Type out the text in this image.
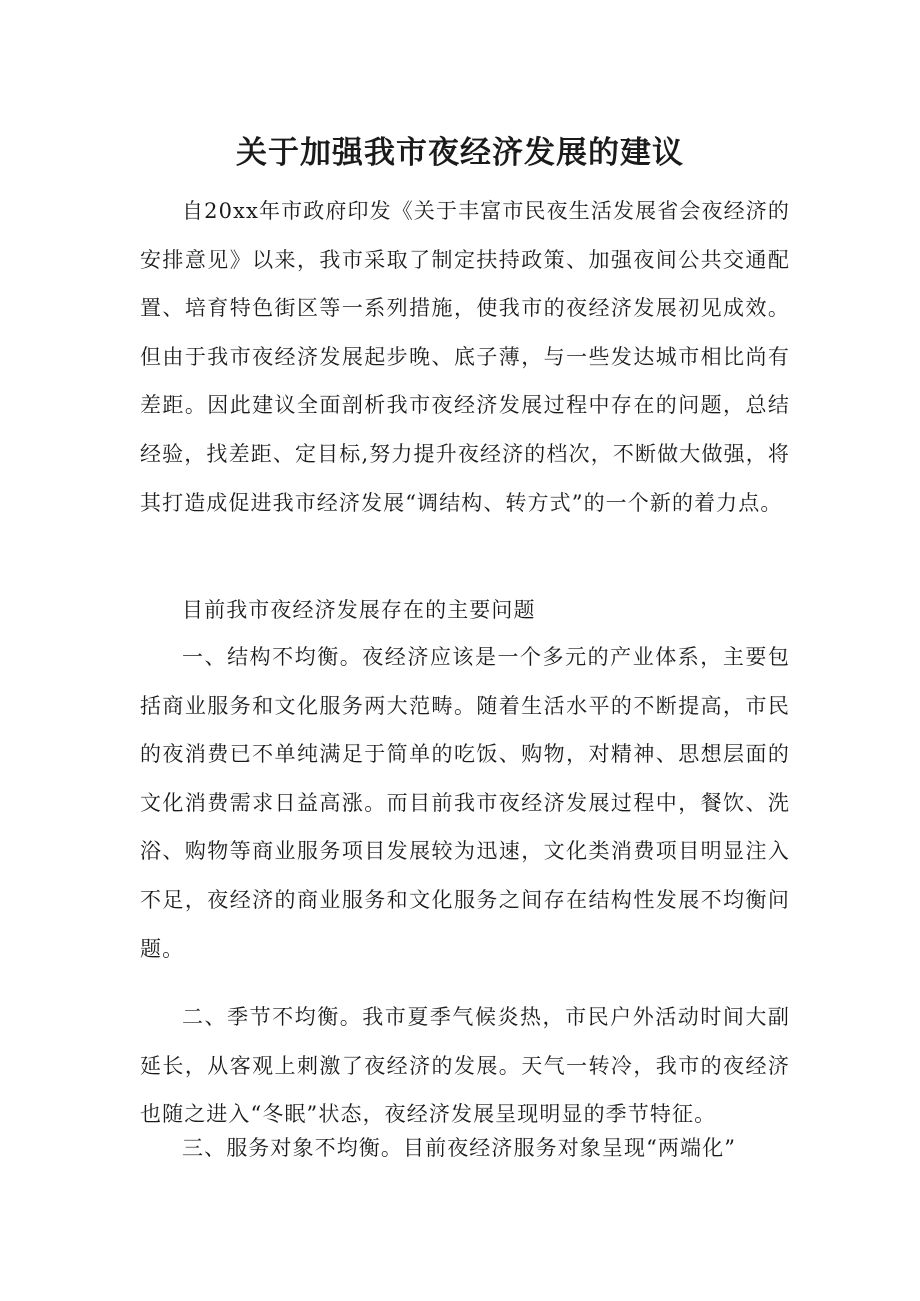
关于加强我市夜经济发展的建议

自20xx年市政府印发《关于丰富市民夜生活发展省会夜经济的安排意见》以来，我市采取了制定扶持政策、加强夜间公共交通配置、培育特色街区等一系列措施，使我市的夜经济发展初见成效。但由于我市夜经济发展起步晚、底子薄，与一些发达城市相比尚有差距。因此建议全面剖析我市夜经济发展过程中存在的问题，总结经验，找差距、定目标,努力提升夜经济的档次，不断做大做强，将其打造成促进我市经济发展“调结构、转方式”的一个新的着力点。

目前我市夜经济发展存在的主要问题

一、结构不均衡。夜经济应该是一个多元的产业体系，主要包括商业服务和文化服务两大范畴。随着生活水平的不断提高，市民的夜消费已不单纯满足于简单的吃饭、购物，对精神、思想层面的文化消费需求日益高涨。而目前我市夜经济发展过程中，餐饮、洗浴、购物等商业服务项目发展较为迅速，文化类消费项目明显注入不足，夜经济的商业服务和文化服务之间存在结构性发展不均衡问题。

二、季节不均衡。我市夏季气候炎热，市民户外活动时间大副延长，从客观上刺激了夜经济的发展。天气一转冷，我市的夜经济也随之进入“冬眠”状态，夜经济发展呈现明显的季节特征。

三、服务对象不均衡。目前夜经济服务对象呈现“两端化”
